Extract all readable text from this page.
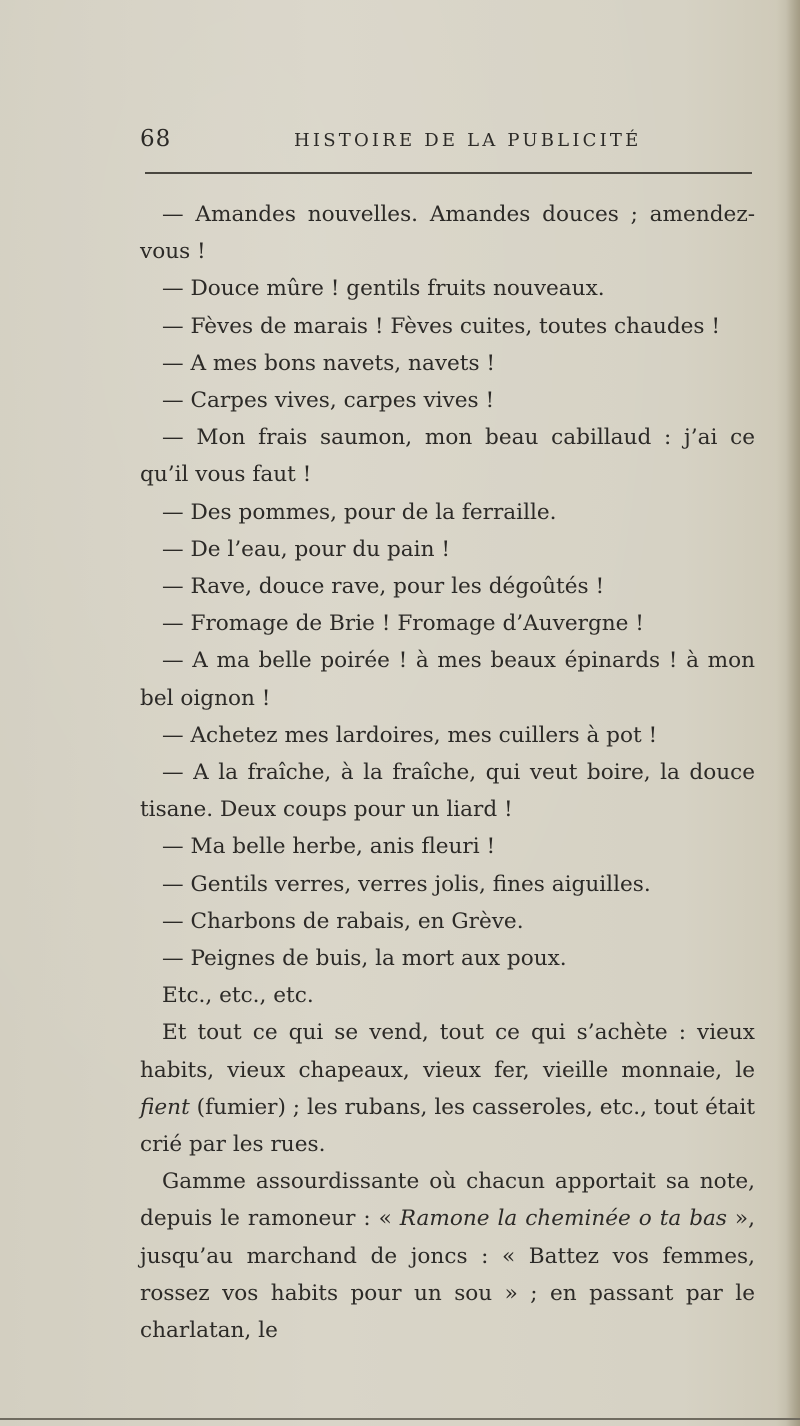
68	HISTOIRE DE LA PUBLICITÉ

— Amandes nouvelles. Amandes douces ; amendez-vous !

— Douce mûre ! gentils fruits nouveaux.

— Fèves de marais ! Fèves cuites, toutes chaudes !

— A mes bons navets, navets !

— Carpes vives, carpes vives !

— Mon frais saumon, mon beau cabillaud : j’ai ce qu’il vous faut !

— Des pommes, pour de la ferraille.

— De l’eau, pour du pain !

— Rave, douce rave, pour les dégoûtés !

— Fromage de Brie ! Fromage d’Auvergne !

— A ma belle poirée ! à mes beaux épinards ! à mon bel oignon !

— Achetez mes lardoires, mes cuillers à pot !

— A la fraîche, à la fraîche, qui veut boire, la douce tisane. Deux coups pour un liard !

— Ma belle herbe, anis fleuri !

— Gentils verres, verres jolis, fines aiguilles.

— Charbons de rabais, en Grève.

— Peignes de buis, la mort aux poux.

Etc., etc., etc.

Et tout ce qui se vend, tout ce qui s’achète : vieux habits, vieux chapeaux, vieux fer, vieille monnaie, le fient (fumier) ; les rubans, les casseroles, etc., tout était crié par les rues.

Gamme assourdissante où chacun apportait sa note, depuis le ramoneur : « Ramone la cheminée o ta bas », jusqu’au marchand de joncs : « Battez vos femmes, rossez vos habits pour un sou » ; en passant par le charlatan, le
